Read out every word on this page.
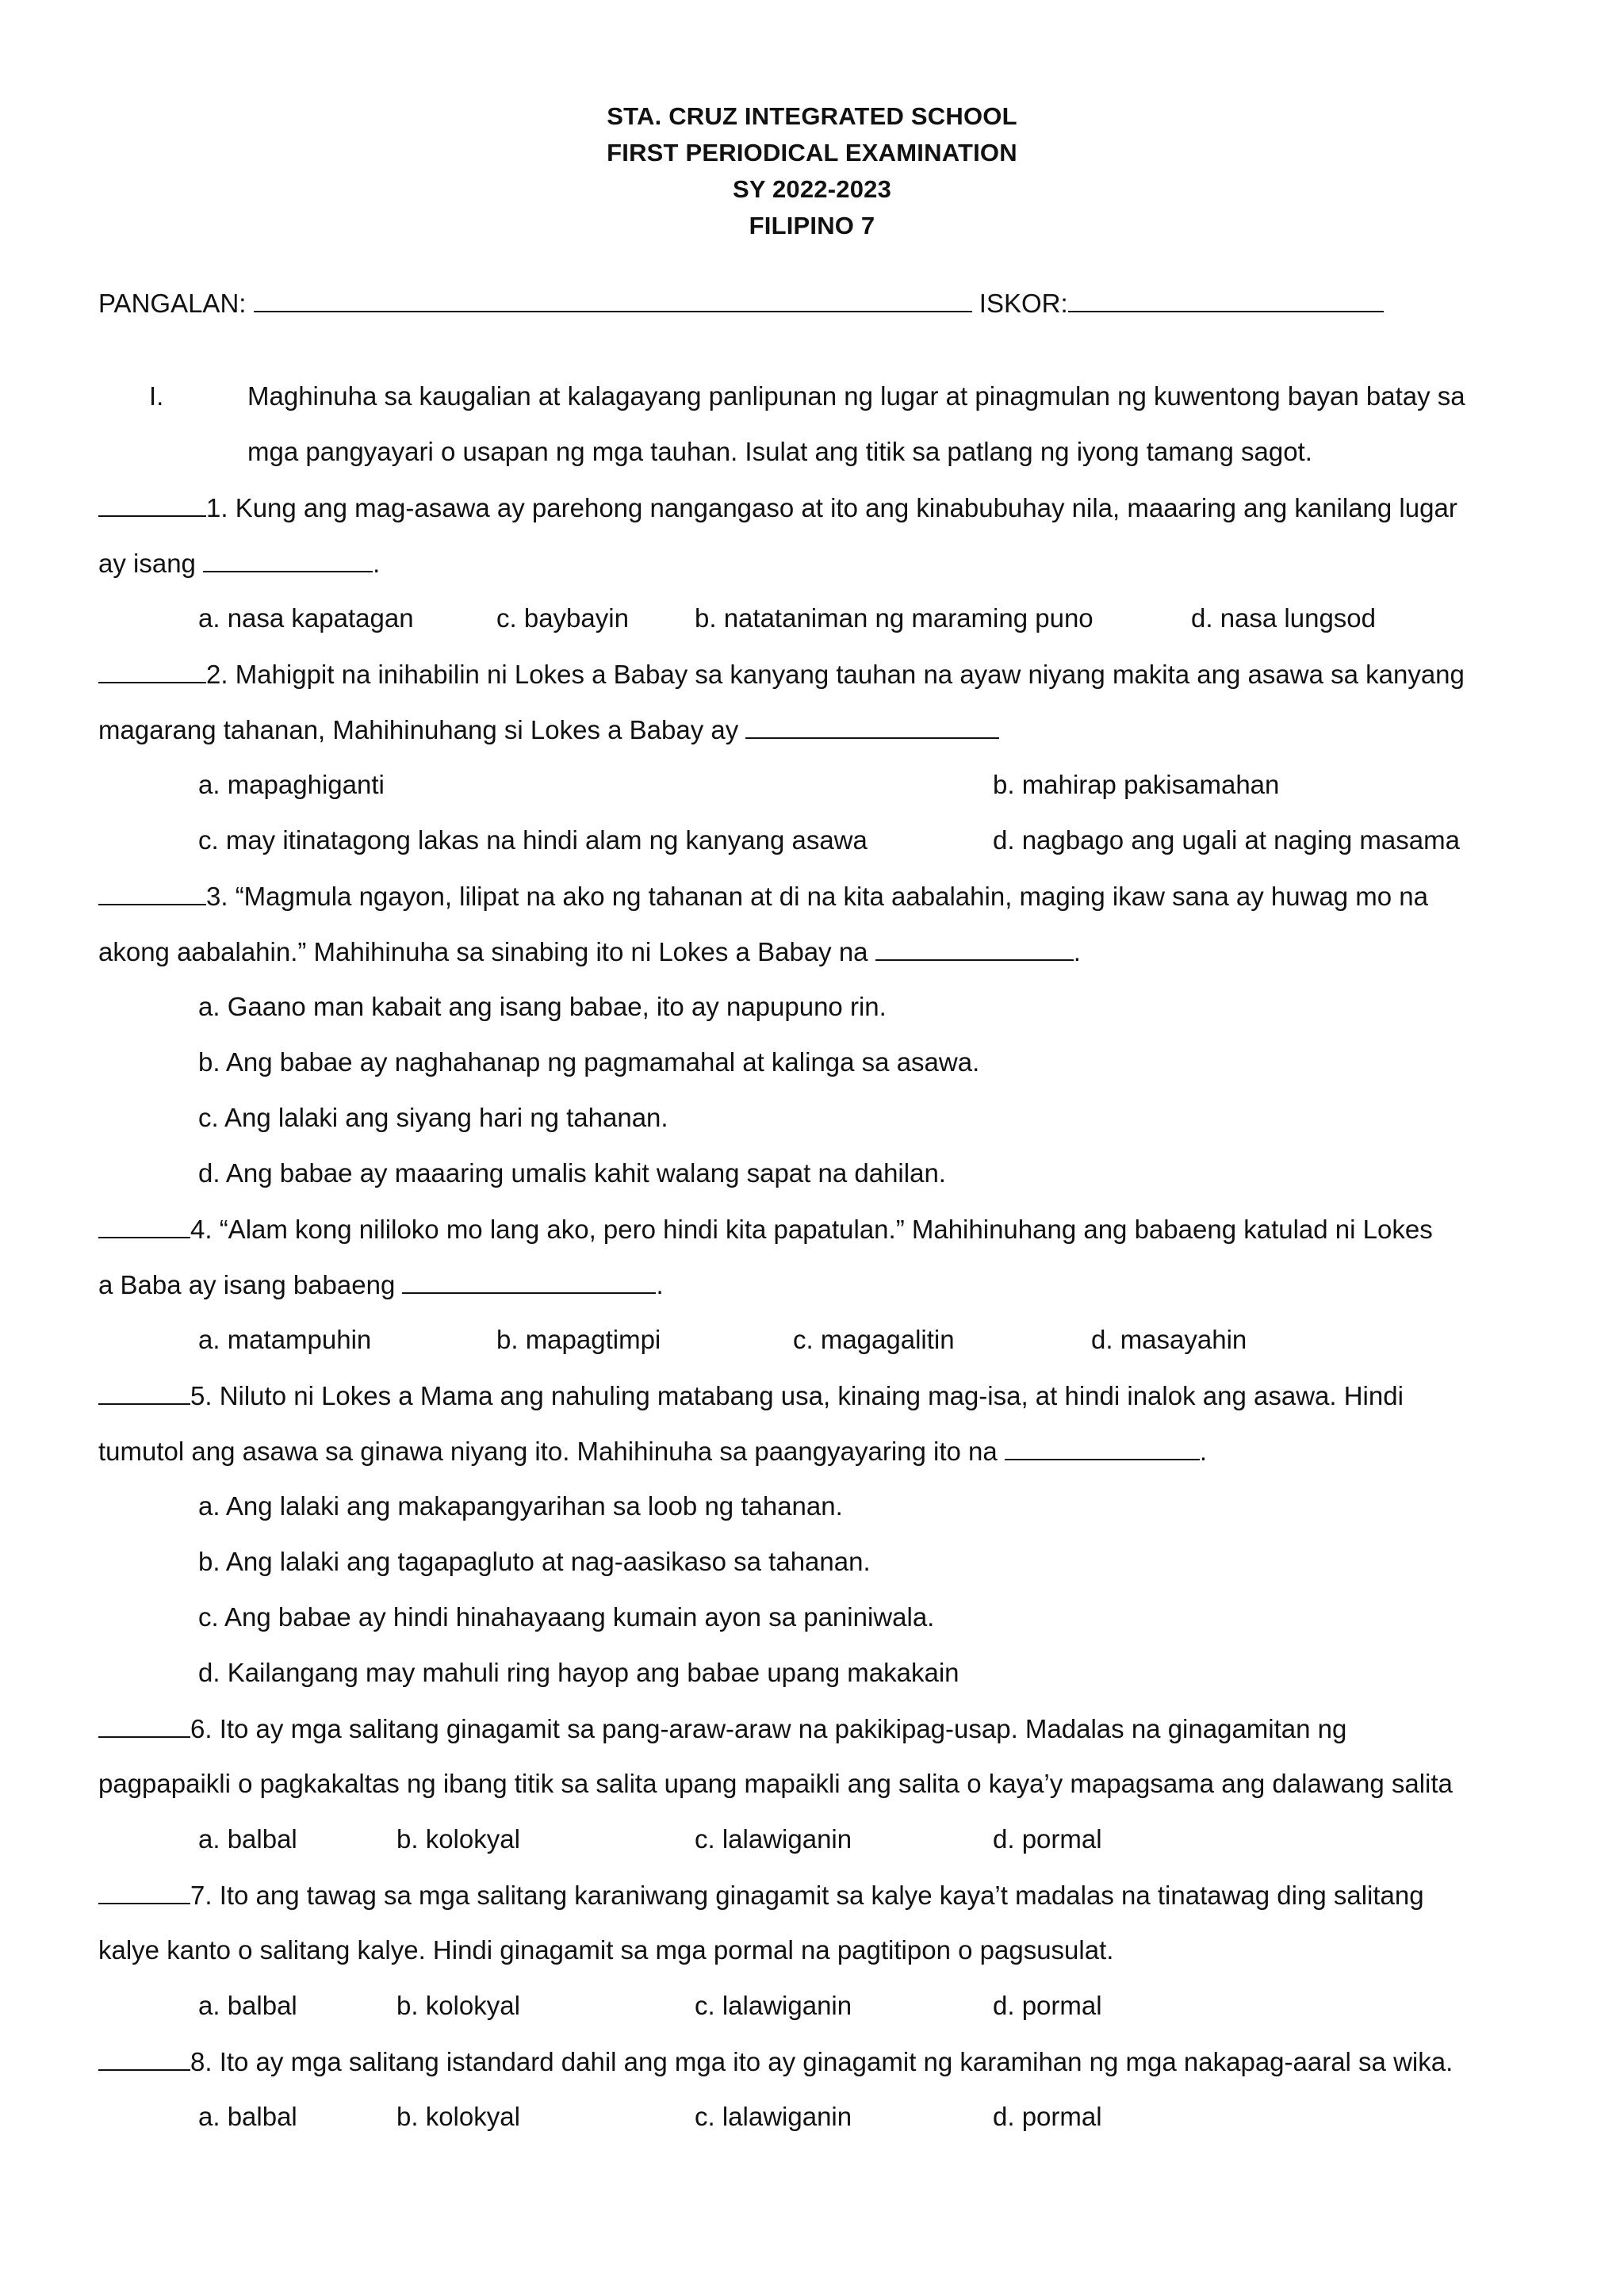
STA. CRUZ INTEGRATED SCHOOL
FIRST PERIODICAL EXAMINATION
SY 2022-2023
FILIPINO 7
PANGALAN:	ISKOR:
I.	Maghinuha sa kaugalian at kalagayang panlipunan ng lugar at pinagmulan ng kuwentong bayan batay sa
mga pangyayari o usapan ng mga tauhan. Isulat ang titik sa patlang ng iyong tamang sagot.
1. Kung ang mag-asawa ay parehong nangangaso at ito ang kinabubuhay nila, maaaring ang kanilang lugar
ay isang	.
a. nasa kapatagan	c. baybayin	b. natataniman ng maraming puno	d. nasa lungsod
2. Mahigpit na inihabilin ni Lokes a Babay sa kanyang tauhan na ayaw niyang makita ang asawa sa kanyang
magarang tahanan, Mahihinuhang si Lokes a Babay ay
a. mapaghiganti	b. mahirap pakisamahan
c. may itinatagong lakas na hindi alam ng kanyang asawa	d. nagbago ang ugali at naging masama
3. “Magmula ngayon, lilipat na ako ng tahanan at di na kita aabalahin, maging ikaw sana ay huwag mo na
akong aabalahin.” Mahihinuha sa sinabing ito ni Lokes a Babay na	.
a. Gaano man kabait ang isang babae, ito ay napupuno rin.
b. Ang babae ay naghahanap ng pagmamahal at kalinga sa asawa.
c. Ang lalaki ang siyang hari ng tahanan.
d. Ang babae ay maaaring umalis kahit walang sapat na dahilan.
4. “Alam kong nililoko mo lang ako, pero hindi kita papatulan.” Mahihinuhang ang babaeng katulad ni Lokes
a Baba ay isang babaeng	.
a. matampuhin	b. mapagtimpi	c. magagalitin	d. masayahin
5. Niluto ni Lokes a Mama ang nahuling matabang usa, kinaing mag-isa, at hindi inalok ang asawa. Hindi
tumutol ang asawa sa ginawa niyang ito. Mahihinuha sa paangyayaring ito na	.
a. Ang lalaki ang makapangyarihan sa loob ng tahanan.
b. Ang lalaki ang tagapagluto at nag-aasikaso sa tahanan.
c. Ang babae ay hindi hinahayaang kumain ayon sa paniniwala.
d. Kailangang may mahuli ring hayop ang babae upang makakain
6. Ito ay mga salitang ginagamit sa pang-araw-araw na pakikipag-usap. Madalas na ginagamitan ng
pagpapaikli o pagkakaltas ng ibang titik sa salita upang mapaikli ang salita o kaya’y mapagsama ang dalawang salita
a. balbal	b. kolokyal	c. lalawiganin	d. pormal
7. Ito ang tawag sa mga salitang karaniwang ginagamit sa kalye kaya’t madalas na tinatawag ding salitang
kalye kanto o salitang kalye. Hindi ginagamit sa mga pormal na pagtitipon o pagsusulat.
a. balbal	b. kolokyal	c. lalawiganin	d. pormal
8. Ito ay mga salitang istandard dahil ang mga ito ay ginagamit ng karamihan ng mga nakapag-aaral sa wika.
a. balbal	b. kolokyal	c. lalawiganin	d. pormal
